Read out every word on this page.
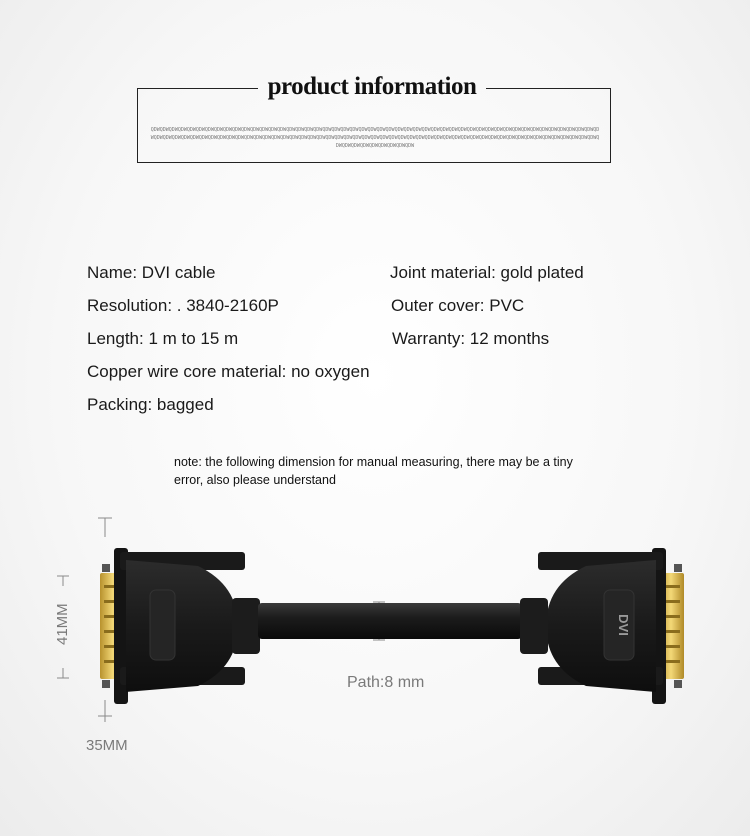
product information
QDWQDWQDWQDWQDWQDWQDWQDWQDWQDWQDWQDWQDWQDWQDWQDWQDWQDWQDWQDWQDWQDWQDWQDWQDWQDWQDWQDWQDWQDWQDWQDWQDWQDWQDWQDWQDWQDWQDWQDWQDWQDWQDWQDWQDWQDWQDWQDWQDWQDWQDWQDWQDWQDWQDWQDWQDWQDWQDWQDWQDWQDWQDWQDWQDWQDWQDWQDWQDWQDWQDWQDWQDWQDWQDWQDWQDWQDWQDWQDWQDWQDWQDWQDWQDWQDWQDWQDWQDWQDWQDWQDWQDWQDWQDWQDWQDWQDWQDWQDWQDWQDWQDWQDWQDWQDWQDWQDW
Name: DVI cable
Resolution: . 3840-2160P
Length: 1 m to 15 m
Copper wire core material: no oxygen
Packing: bagged
Joint material: gold plated
Outer cover: PVC
Warranty: 12 months
note: the following dimension for manual measuring, there may be a tiny error, also please understand
DVI
41MM
35MM
Path:8 mm
